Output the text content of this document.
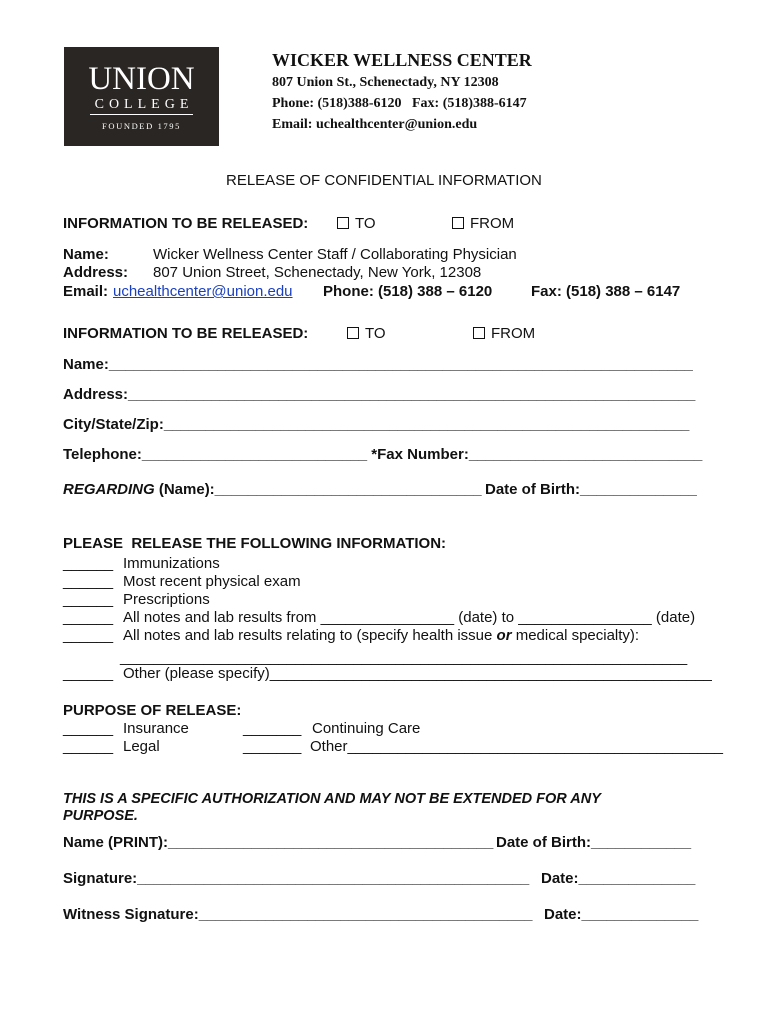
UNION
COLLEGE
FOUNDED 1795
WICKER WELLNESS CENTER
807 Union St., Schenectady, NY 12308
Phone: (518)388-6120   Fax: (518)388-6147
Email: uchealthcenter@union.edu
RELEASE OF CONFIDENTIAL INFORMATION
INFORMATION TO BE RELEASED:	TO	FROM
Name:	Wicker Wellness Center Staff / Collaborating Physician
Address: 807 Union Street, Schenectady, New York, 12308
Email: uchealthcenter@union.edu Phone: (518) 388 – 6120	Fax: (518) 388 – 6147
INFORMATION TO BE RELEASED:	TO	FROM
Name:______________________________________________________________________
Address:____________________________________________________________________
City/State/Zip:_______________________________________________________________
Telephone:___________________________ *Fax Number:____________________________
REGARDING (Name):________________________________ Date of Birth:______________
PLEASE  RELEASE THE FOLLOWING INFORMATION:
______ Immunizations
______ Most recent physical exam
______ Prescriptions
______ All notes and lab results from ________________ (date) to ________________ (date)
______ All notes and lab results relating to (specify health issue or medical specialty):
____________________________________________________________________
______ Other (please specify)_____________________________________________________
PURPOSE OF RELEASE:
______ Insurance	_______ Continuing Care
______ Legal	_______ Other_____________________________________________
THIS IS A SPECIFIC AUTHORIZATION AND MAY NOT BE EXTENDED FOR ANY
PURPOSE.
Name (PRINT):_______________________________________ Date of Birth:____________
Signature:_______________________________________________ Date:______________
Witness Signature:________________________________________ Date:______________
